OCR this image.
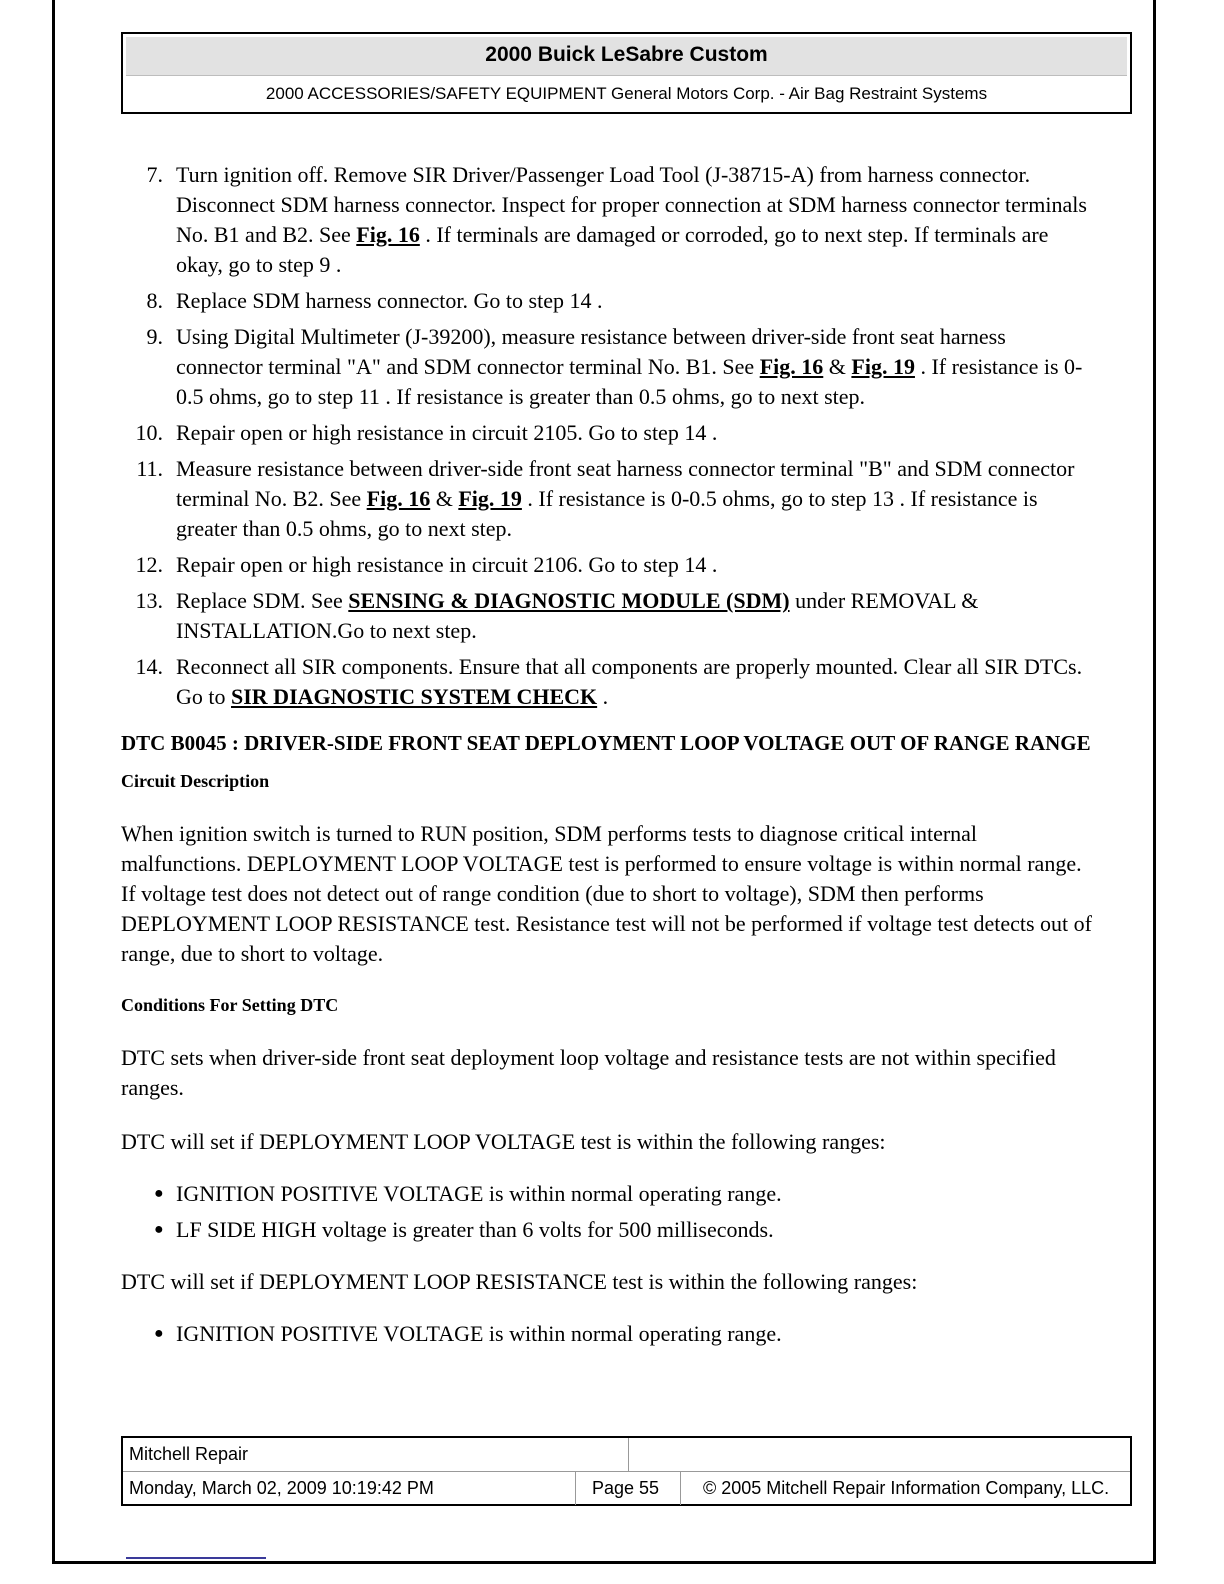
2000 Buick LeSabre Custom
2000 ACCESSORIES/SAFETY EQUIPMENT General Motors Corp. - Air Bag Restraint Systems
7. Turn ignition off. Remove SIR Driver/Passenger Load Tool (J-38715-A) from harness connector. Disconnect SDM harness connector. Inspect for proper connection at SDM harness connector terminals No. B1 and B2. See Fig. 16 . If terminals are damaged or corroded, go to next step. If terminals are okay, go to step 9 .
8. Replace SDM harness connector. Go to step 14 .
9. Using Digital Multimeter (J-39200), measure resistance between driver-side front seat harness connector terminal "A" and SDM connector terminal No. B1. See Fig. 16 & Fig. 19 . If resistance is 0-0.5 ohms, go to step 11 . If resistance is greater than 0.5 ohms, go to next step.
10. Repair open or high resistance in circuit 2105. Go to step 14 .
11. Measure resistance between driver-side front seat harness connector terminal "B" and SDM connector terminal No. B2. See Fig. 16 & Fig. 19 . If resistance is 0-0.5 ohms, go to step 13 . If resistance is greater than 0.5 ohms, go to next step.
12. Repair open or high resistance in circuit 2106. Go to step 14 .
13. Replace SDM. See SENSING & DIAGNOSTIC MODULE (SDM) under REMOVAL & INSTALLATION.Go to next step.
14. Reconnect all SIR components. Ensure that all components are properly mounted. Clear all SIR DTCs. Go to SIR DIAGNOSTIC SYSTEM CHECK .
DTC B0045 : DRIVER-SIDE FRONT SEAT DEPLOYMENT LOOP VOLTAGE OUT OF RANGE RANGE
Circuit Description

When ignition switch is turned to RUN position, SDM performs tests to diagnose critical internal malfunctions. DEPLOYMENT LOOP VOLTAGE test is performed to ensure voltage is within normal range. If voltage test does not detect out of range condition (due to short to voltage), SDM then performs DEPLOYMENT LOOP RESISTANCE test. Resistance test will not be performed if voltage test detects out of range, due to short to voltage.

Conditions For Setting DTC

DTC sets when driver-side front seat deployment loop voltage and resistance tests are not within specified ranges.

DTC will set if DEPLOYMENT LOOP VOLTAGE test is within the following ranges:

● IGNITION POSITIVE VOLTAGE is within normal operating range.
● LF SIDE HIGH voltage is greater than 6 volts for 500 milliseconds.

DTC will set if DEPLOYMENT LOOP RESISTANCE test is within the following ranges:

● IGNITION POSITIVE VOLTAGE is within normal operating range.
Mitchell Repair
Monday, March 02, 2009 10:19:42 PM	Page 55	© 2005 Mitchell Repair Information Company, LLC.
